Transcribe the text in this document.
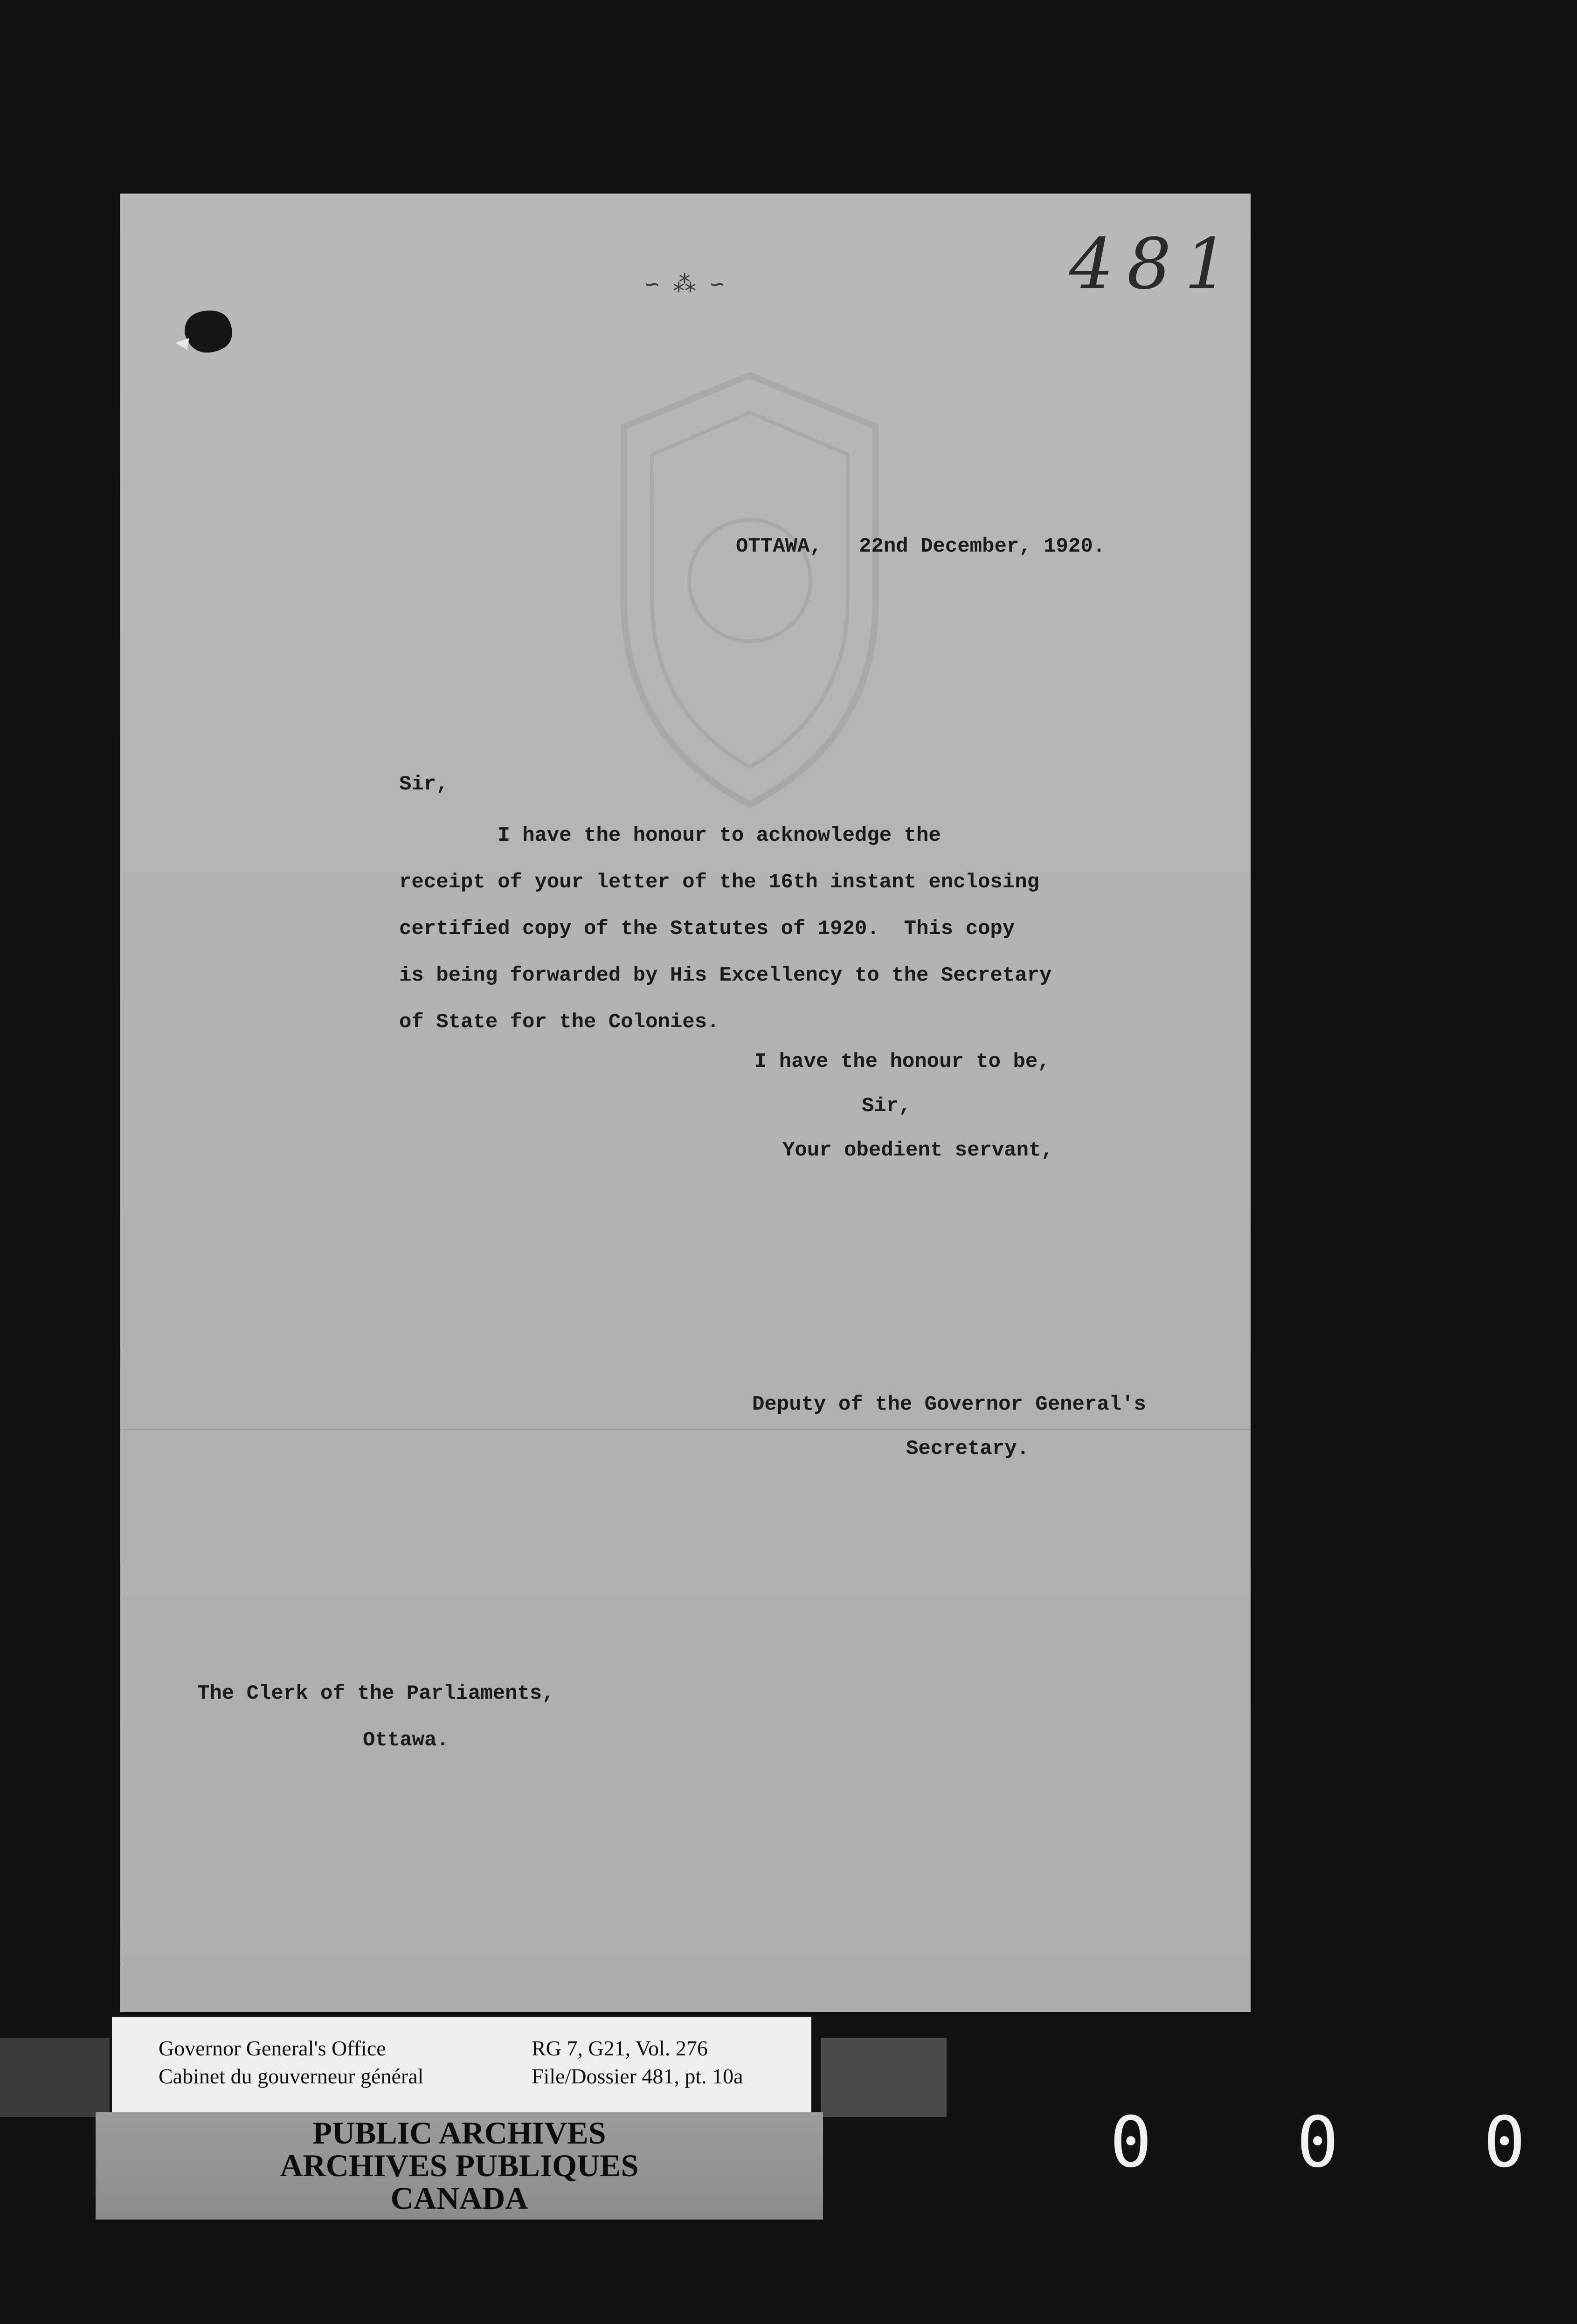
481
∽ ⁂ ∽
OTTAWA,   22nd December, 1920.
Sir,
I have the honour to acknowledge the
receipt of your letter of the 16th instant enclosing
certified copy of the Statutes of 1920.  This copy
is being forwarded by His Excellency to the Secretary
of State for the Colonies.
I have the honour to be,
Sir,
Your obedient servant,
Deputy of the Governor General's
Secretary.
The Clerk of the Parliaments,
Ottawa.
Governor General's Office
Cabinet du gouverneur général
RG 7, G21, Vol. 276
File/Dossier 481, pt. 10a
PUBLIC ARCHIVES
ARCHIVES PUBLIQUES
CANADA
0 0 0
